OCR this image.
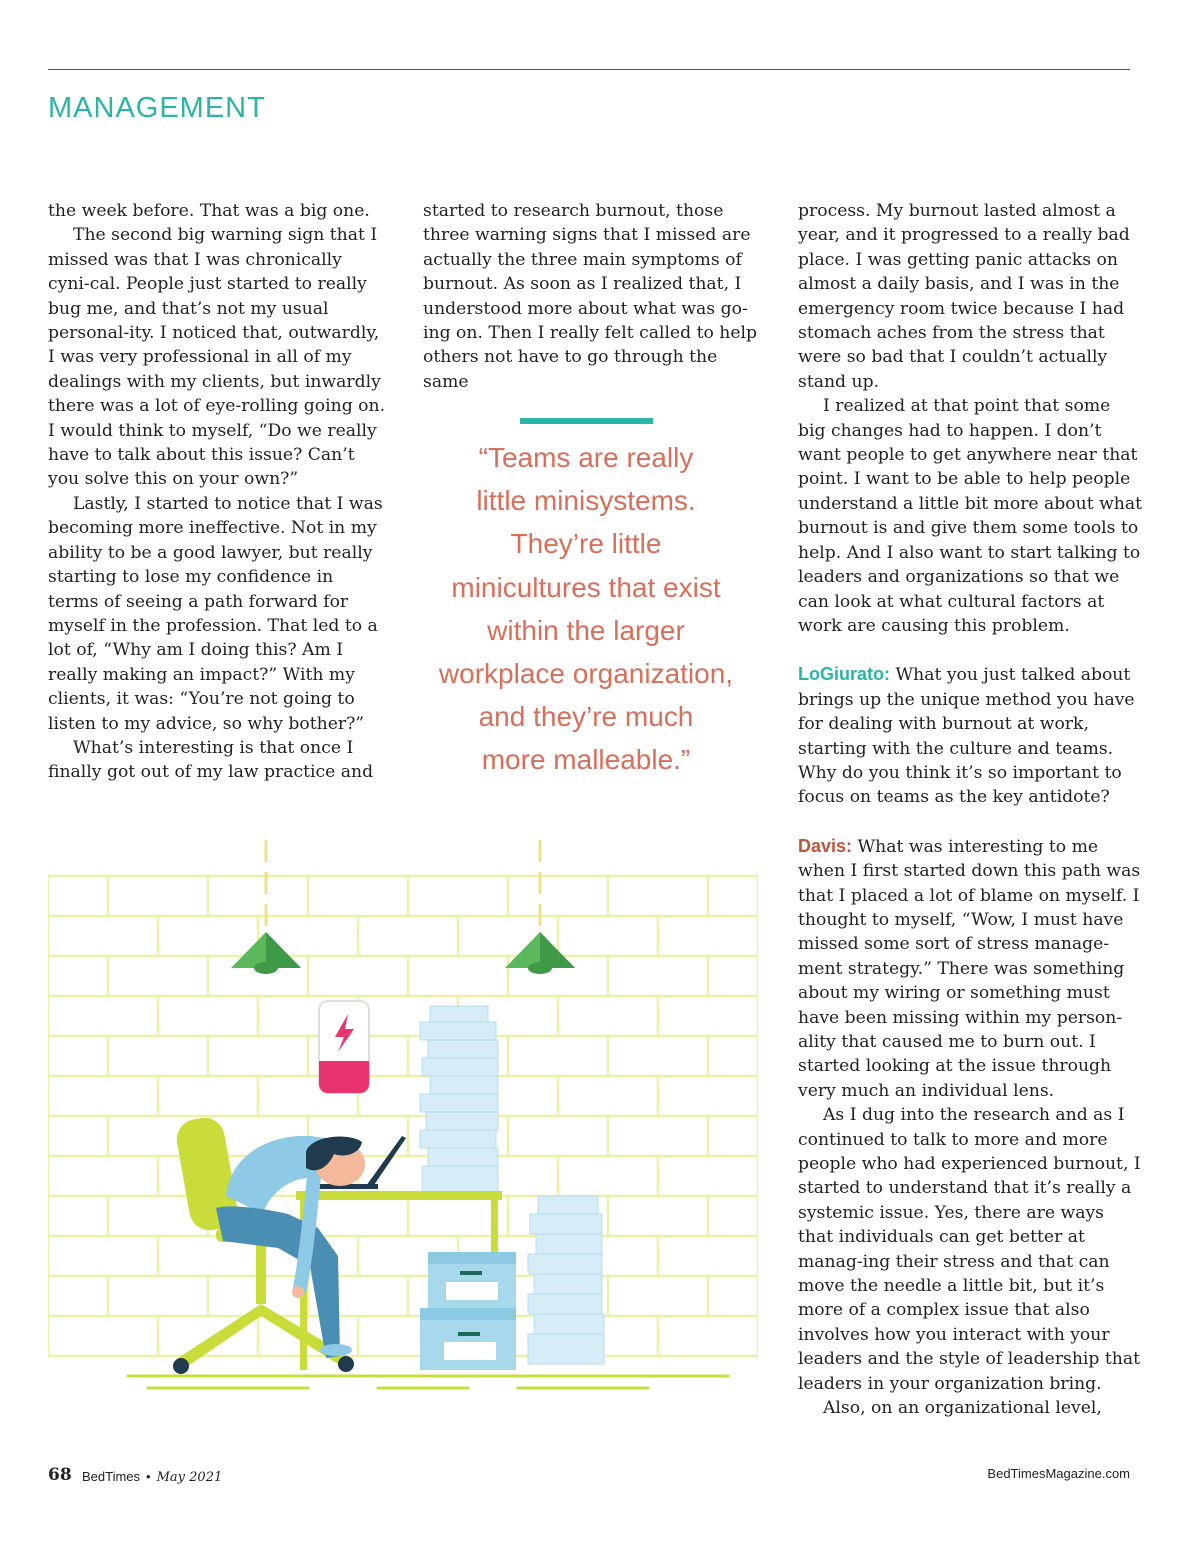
MANAGEMENT

the week before. That was a big one.

The second big warning sign that I missed was that I was chronically cyni-cal. People just started to really bug me, and that’s not my usual personal-ity. I noticed that, outwardly, I was very professional in all of my dealings with my clients, but inwardly there was a lot of eye-rolling going on. I would think to myself, “Do we really have to talk about this issue? Can’t you solve this on your own?”

Lastly, I started to notice that I was becoming more ineffective. Not in my ability to be a good lawyer, but really starting to lose my confidence in terms of seeing a path forward for myself in the profession. That led to a lot of, “Why am I doing this? Am I really making an impact?” With my clients, it was: “You’re not going to listen to my advice, so why bother?”

What’s interesting is that once I finally got out of my law practice and

started to research burnout, those three warning signs that I missed are actually the three main symptoms of burnout. As soon as I realized that, I understood more about what was go-ing on. Then I really felt called to help others not have to go through the same

“Teams are really
little minisystems.
They’re little
minicultures that exist
within the larger
workplace organization,
and they’re much
more malleable.”

process. My burnout lasted almost a year, and it progressed to a really bad place. I was getting panic attacks on almost a daily basis, and I was in the emergency room twice because I had stomach aches from the stress that were so bad that I couldn’t actually stand up.

I realized at that point that some big changes had to happen. I don’t want people to get anywhere near that point. I want to be able to help people understand a little bit more about what burnout is and give them some tools to help. And I also want to start talking to leaders and organizations so that we can look at what cultural factors at work are causing this problem.

LoGiurato: What you just talked about brings up the unique method you have for dealing with burnout at work, starting with the culture and teams. Why do you think it’s so important to focus on teams as the key antidote?

Davis: What was interesting to me when I first started down this path was that I placed a lot of blame on myself. I thought to myself, “Wow, I must have missed some sort of stress manage-ment strategy.” There was something about my wiring or something must have been missing within my person-ality that caused me to burn out. I started looking at the issue through very much an individual lens.

As I dug into the research and as I continued to talk to more and more people who had experienced burnout, I started to understand that it’s really a systemic issue. Yes, there are ways that individuals can get better at manag-ing their stress and that can move the needle a little bit, but it’s more of a complex issue that also involves how you interact with your leaders and the style of leadership that leaders in your organization bring.

Also, on an organizational level,

68 BedTimes • May 2021	BedTimesMagazine.com
